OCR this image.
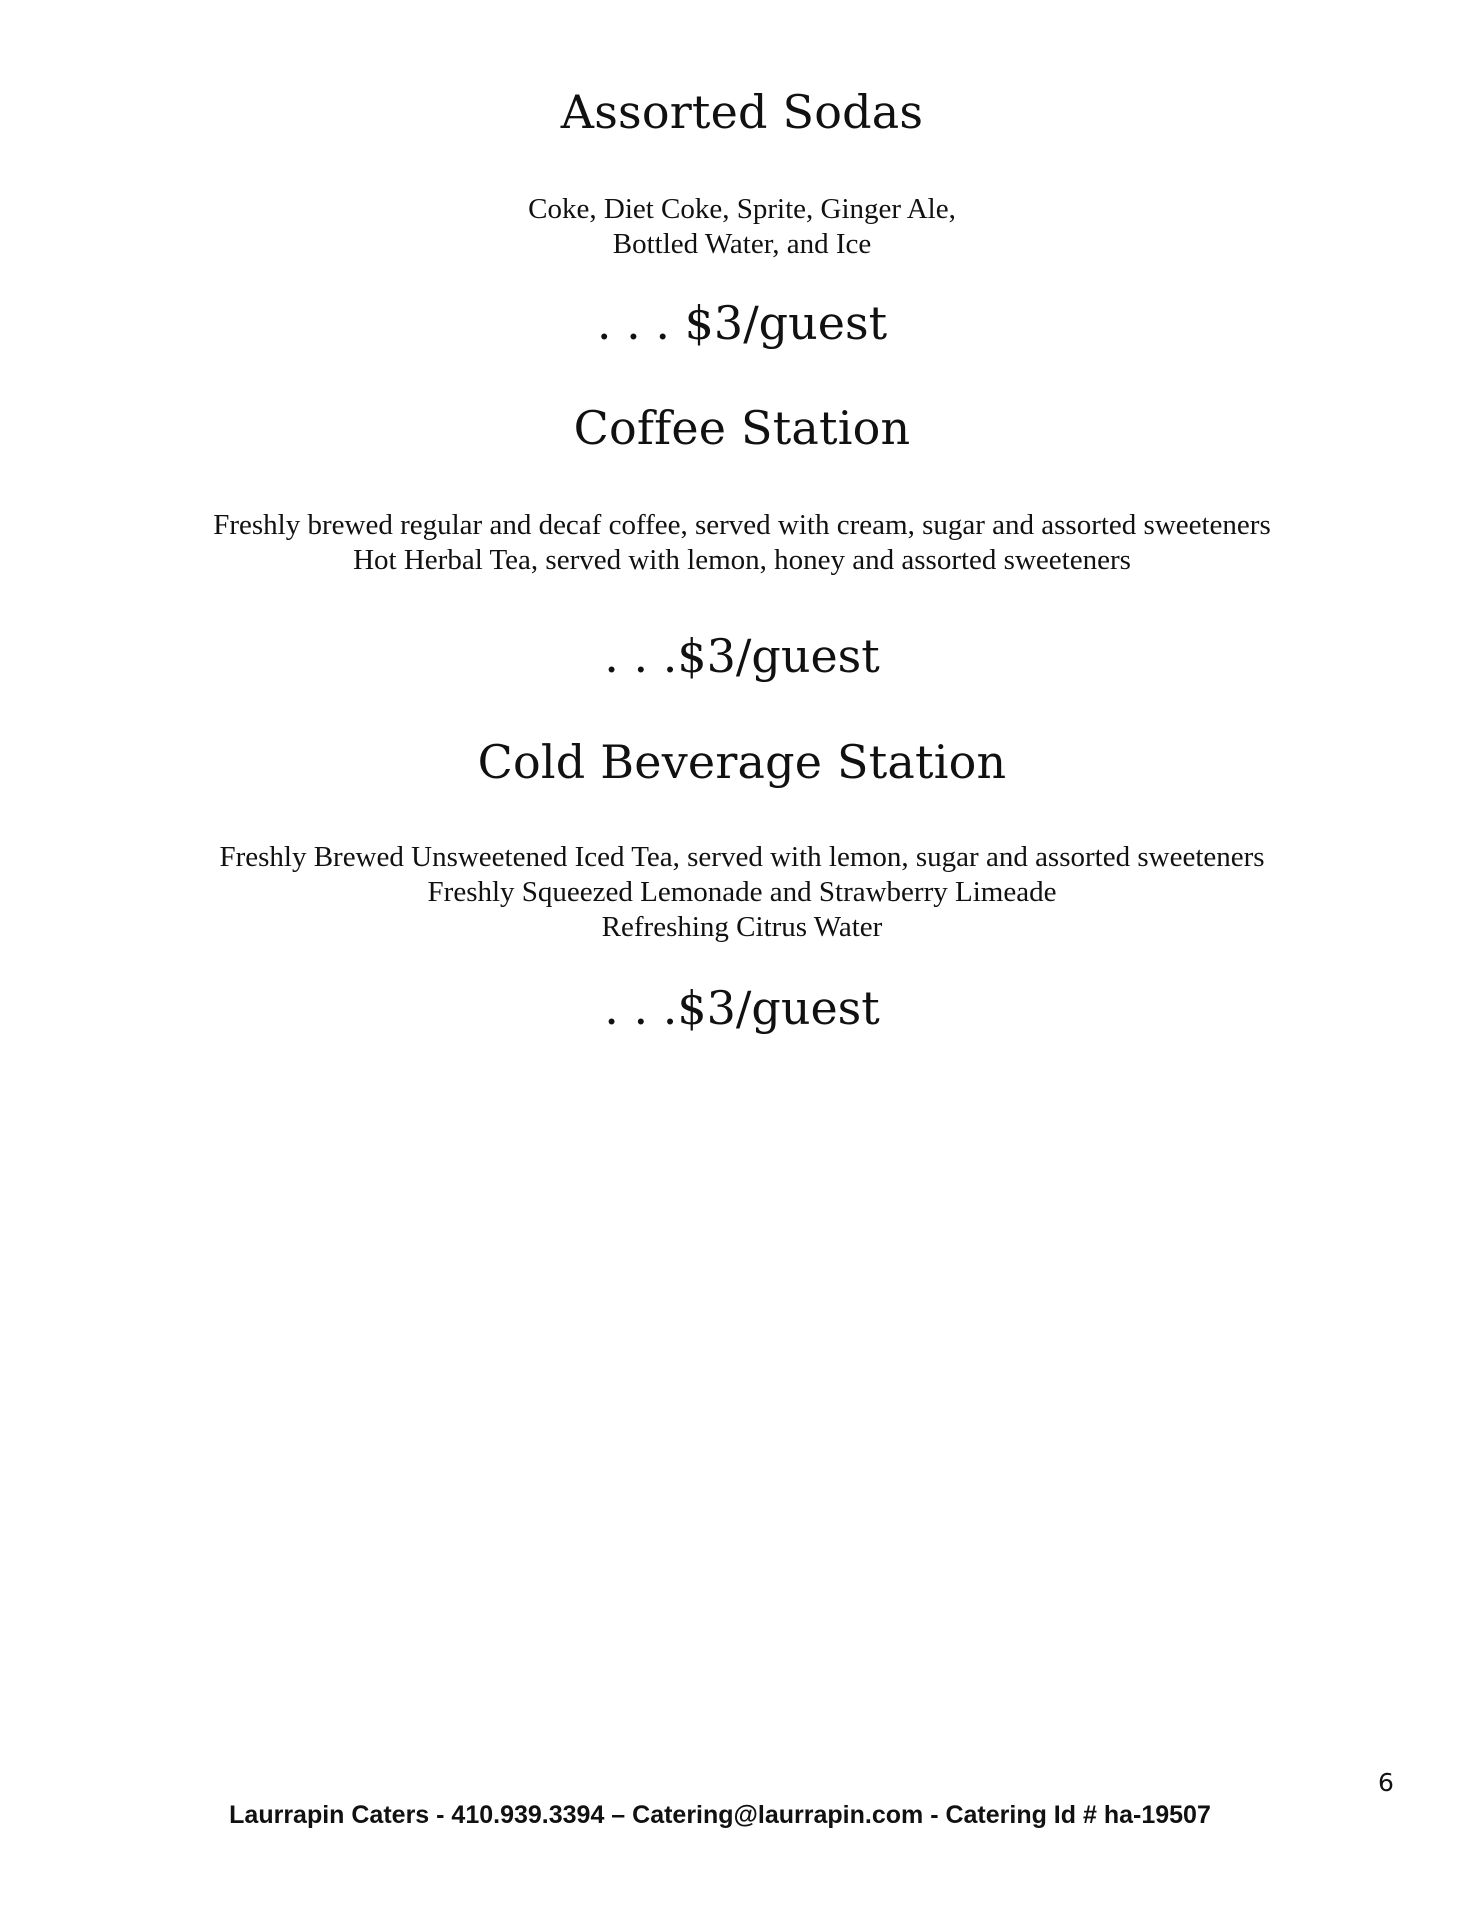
Assorted Sodas
Coke, Diet Coke, Sprite, Ginger Ale,
Bottled Water, and Ice
. . . $3/guest
Coffee Station
Freshly brewed regular and decaf coffee, served with cream, sugar and assorted sweeteners
Hot Herbal Tea, served with lemon, honey and assorted sweeteners
. . .$3/guest
Cold Beverage Station
Freshly Brewed Unsweetened Iced Tea, served with lemon, sugar and assorted sweeteners
Freshly Squeezed Lemonade and Strawberry Limeade
Refreshing Citrus Water
. . .$3/guest
6
Laurrapin Caters - 410.939.3394 – Catering@laurrapin.com - Catering Id # ha-19507
